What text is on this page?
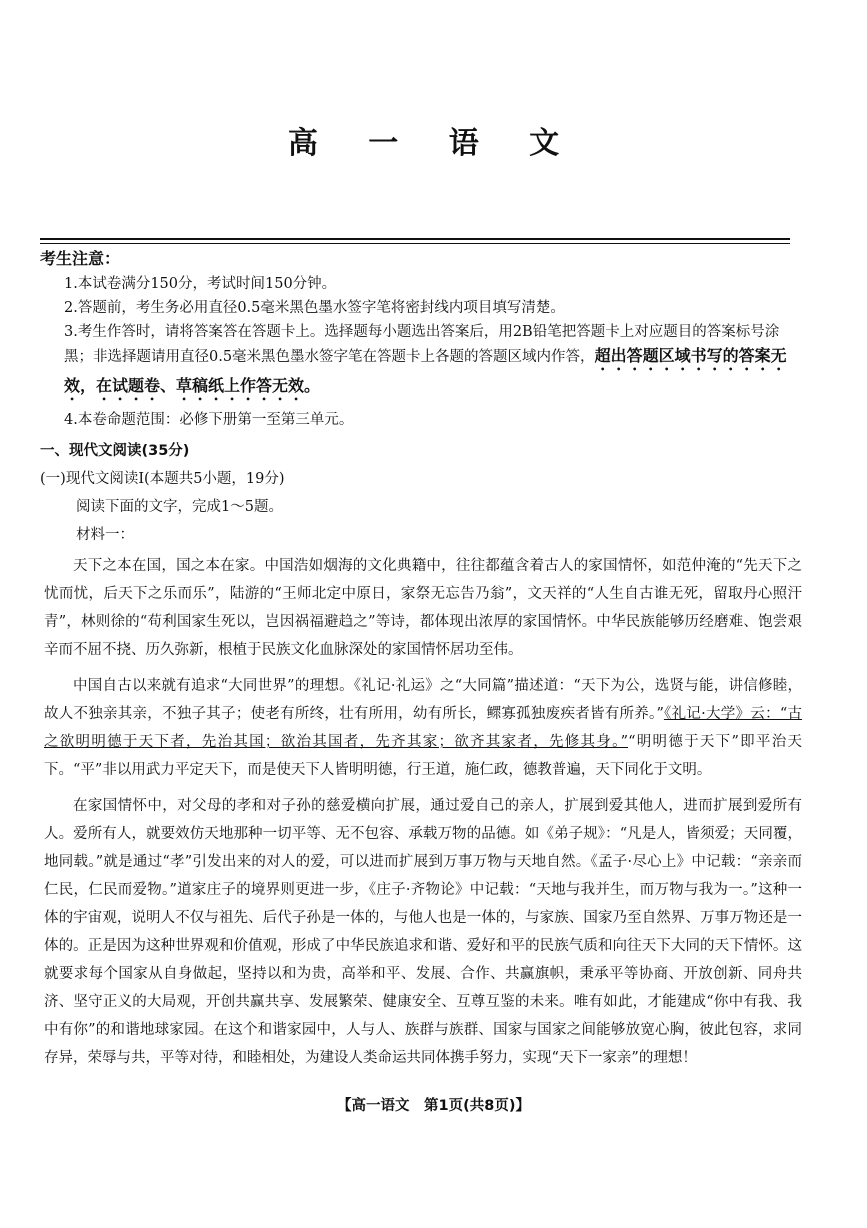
高 一 语 文
考生注意：
1.本试卷满分150分，考试时间150分钟。
2.答题前，考生务必用直径0.5毫米黑色墨水签字笔将密封线内项目填写清楚。
3.考生作答时，请将答案答在答题卡上。选择题每小题选出答案后，用2B铅笔把答题卡上对应题目的答案标号涂黑；非选择题请用直径0.5毫米黑色墨水签字笔在答题卡上各题的答题区域内作答，超出答题区域书写的答案无效，在试题卷、草稿纸上作答无效。
4.本卷命题范围：必修下册第一至第三单元。
一、现代文阅读(35分)
(一)现代文阅读Ⅰ(本题共5小题，19分)
阅读下面的文字，完成1～5题。
材料一：

天下之本在国，国之本在家。中国浩如烟海的文化典籍中，往往都蕴含着古人的家国情怀，如范仲淹的“先天下之忧而忧，后天下之乐而乐”，陆游的“王师北定中原日，家祭无忘告乃翁”，文天祥的“人生自古谁无死，留取丹心照汗青”，林则徐的“苟利国家生死以，岂因祸福避趋之”等诗，都体现出浓厚的家国情怀。中华民族能够历经磨难、饱尝艰辛而不屈不挠、历久弥新，根植于民族文化血脉深处的家国情怀居功至伟。

中国自古以来就有追求“大同世界”的理想。《礼记·礼运》之“大同篇”描述道：“天下为公，选贤与能，讲信修睦，故人不独亲其亲，不独子其子；使老有所终，壮有所用，幼有所长，鳏寡孤独废疾者皆有所养。”《礼记·大学》云：“古之欲明明德于天下者，先治其国；欲治其国者，先齐其家；欲齐其家者，先修其身。”“明明德于天下”即平治天下。“平”非以用武力平定天下，而是使天下人皆明明德，行王道，施仁政，德教普遍，天下同化于文明。

在家国情怀中，对父母的孝和对子孙的慈爱横向扩展，通过爱自己的亲人，扩展到爱其他人，进而扩展到爱所有人。爱所有人，就要效仿天地那种一切平等、无不包容、承载万物的品德。如《弟子规》：“凡是人，皆须爱；天同覆，地同载。”就是通过“孝”引发出来的对人的爱，可以进而扩展到万事万物与天地自然。《孟子·尽心上》中记载：“亲亲而仁民，仁民而爱物。”道家庄子的境界则更进一步，《庄子·齐物论》中记载：“天地与我并生，而万物与我为一。”这种一体的宇宙观，说明人不仅与祖先、后代子孙是一体的，与他人也是一体的，与家族、国家乃至自然界、万事万物还是一体的。正是因为这种世界观和价值观，形成了中华民族追求和谐、爱好和平的民族气质和向往天下大同的天下情怀。这就要求每个国家从自身做起，坚持以和为贵，高举和平、发展、合作、共赢旗帜，秉承平等协商、开放创新、同舟共济、坚守正义的大局观，开创共赢共享、发展繁荣、健康安全、互尊互鉴的未来。唯有如此，才能建成“你中有我、我中有你”的和谐地球家园。在这个和谐家园中，人与人、族群与族群、国家与国家之间能够放宽心胸，彼此包容，求同存异，荣辱与共，平等对待，和睦相处，为建设人类命运共同体携手努力，实现“天下一家亲”的理想！

【高一语文　第1页(共8页)】
